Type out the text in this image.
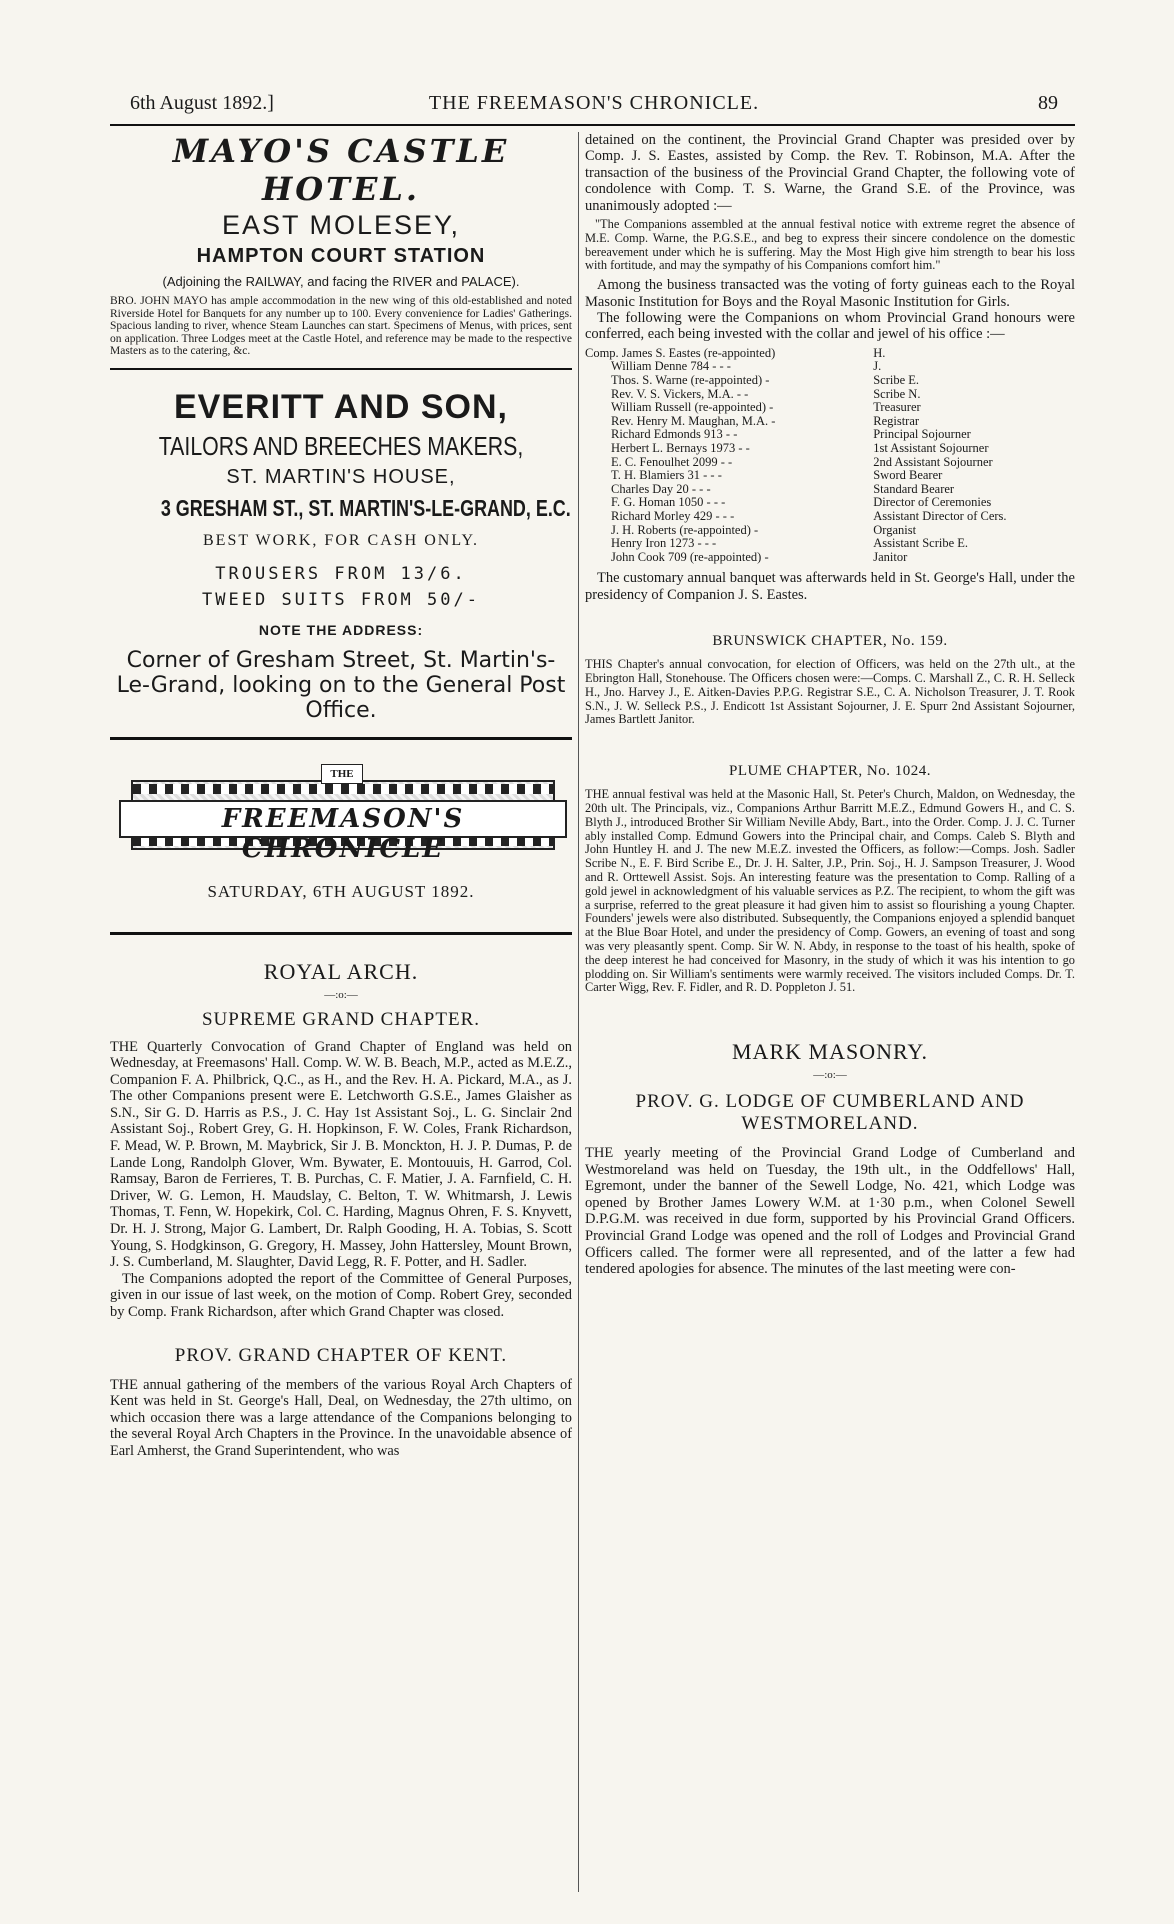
6th August 1892.]	THE FREEMASON'S CHRONICLE.	89

MAYO'S CASTLE HOTEL.

EAST MOLESEY,

HAMPTON COURT STATION

(Adjoining the RAILWAY, and facing the RIVER and PALACE).

BRO. JOHN MAYO has ample accommodation in the new wing of this old-established and noted Riverside Hotel for Banquets for any number up to 100. Every convenience for Ladies' Gatherings. Spacious landing to river, whence Steam Launches can start. Specimens of Menus, with prices, sent on application. Three Lodges meet at the Castle Hotel, and reference may be made to the respective Masters as to the catering, &c.

EVERITT AND SON,

TAILORS AND BREECHES MAKERS,

ST. MARTIN'S HOUSE,

3 GRESHAM ST., ST. MARTIN'S-LE-GRAND, E.C.

BEST WORK, FOR CASH ONLY.

TROUSERS FROM 13/6.

TWEED SUITS FROM 50/-

NOTE THE ADDRESS:

Corner of Gresham Street, St. Martin's-Le-Grand, looking on to the General Post Office.

FREEMASON'S CHRONICLE
THE

SATURDAY, 6TH AUGUST 1892.

ROYAL ARCH.

—:o:—

SUPREME GRAND CHAPTER.

THE Quarterly Convocation of Grand Chapter of England was held on Wednesday, at Freemasons' Hall. Comp. W. W. B. Beach, M.P., acted as M.E.Z., Companion F. A. Philbrick, Q.C., as H., and the Rev. H. A. Pickard, M.A., as J. The other Companions present were E. Letchworth G.S.E., James Glaisher as S.N., Sir G. D. Harris as P.S., J. C. Hay 1st Assistant Soj., L. G. Sinclair 2nd Assistant Soj., Robert Grey, G. H. Hopkinson, F. W. Coles, Frank Richardson, F. Mead, W. P. Brown, M. Maybrick, Sir J. B. Monckton, H. J. P. Dumas, P. de Lande Long, Randolph Glover, Wm. Bywater, E. Montouuis, H. Garrod, Col. Ramsay, Baron de Ferrieres, T. B. Purchas, C. F. Matier, J. A. Farnfield, C. H. Driver, W. G. Lemon, H. Maudslay, C. Belton, T. W. Whitmarsh, J. Lewis Thomas, T. Fenn, W. Hopekirk, Col. C. Harding, Magnus Ohren, F. S. Knyvett, Dr. H. J. Strong, Major G. Lambert, Dr. Ralph Gooding, H. A. Tobias, S. Scott Young, S. Hodgkinson, G. Gregory, H. Massey, John Hattersley, Mount Brown, J. S. Cumberland, M. Slaughter, David Legg, R. F. Potter, and H. Sadler.

The Companions adopted the report of the Committee of General Purposes, given in our issue of last week, on the motion of Comp. Robert Grey, seconded by Comp. Frank Richardson, after which Grand Chapter was closed.

PROV. GRAND CHAPTER OF KENT.

THE annual gathering of the members of the various Royal Arch Chapters of Kent was held in St. George's Hall, Deal, on Wednesday, the 27th ultimo, on which occasion there was a large attendance of the Companions belonging to the several Royal Arch Chapters in the Province. In the unavoidable absence of Earl Amherst, the Grand Superintendent, who was

detained on the continent, the Provincial Grand Chapter was presided over by Comp. J. S. Eastes, assisted by Comp. the Rev. T. Robinson, M.A. After the transaction of the business of the Provincial Grand Chapter, the following vote of condolence with Comp. T. S. Warne, the Grand S.E. of the Province, was unanimously adopted :—

"The Companions assembled at the annual festival notice with extreme regret the absence of M.E. Comp. Warne, the P.G.S.E., and beg to express their sincere condolence on the domestic bereavement under which he is suffering. May the Most High give him strength to bear his loss with fortitude, and may the sympathy of his Companions comfort him."

Among the business transacted was the voting of forty guineas each to the Royal Masonic Institution for Boys and the Royal Masonic Institution for Girls.

The following were the Companions on whom Provincial Grand honours were conferred, each being invested with the collar and jewel of his office :—

Comp. James S. Eastes (re-appointed)	H.
William Denne 784 - - -	J.
Thos. S. Warne (re-appointed) -	Scribe E.
Rev. V. S. Vickers, M.A. - -	Scribe N.
William Russell (re-appointed) -	Treasurer
Rev. Henry M. Maughan, M.A. -	Registrar
Richard Edmonds 913 - -	Principal Sojourner
Herbert L. Bernays 1973 - -	1st Assistant Sojourner
E. C. Fenoulhet 2099 - -	2nd Assistant Sojourner
T. H. Blamiers 31 - - -	Sword Bearer
Charles Day 20 - - -	Standard Bearer
F. G. Homan 1050 - - -	Director of Ceremonies
Richard Morley 429 - - -	Assistant Director of Cers.
J. H. Roberts (re-appointed) -	Organist
Henry Iron 1273 - - -	Assistant Scribe E.
John Cook 709 (re-appointed) -	Janitor

The customary annual banquet was afterwards held in St. George's Hall, under the presidency of Companion J. S. Eastes.

BRUNSWICK CHAPTER, No. 159.

THIS Chapter's annual convocation, for election of Officers, was held on the 27th ult., at the Ebrington Hall, Stonehouse. The Officers chosen were:—Comps. C. Marshall Z., C. R. H. Selleck H., Jno. Harvey J., E. Aitken-Davies P.P.G. Registrar S.E., C. A. Nicholson Treasurer, J. T. Rook S.N., J. W. Selleck P.S., J. Endicott 1st Assistant Sojourner, J. E. Spurr 2nd Assistant Sojourner, James Bartlett Janitor.

PLUME CHAPTER, No. 1024.

THE annual festival was held at the Masonic Hall, St. Peter's Church, Maldon, on Wednesday, the 20th ult. The Principals, viz., Companions Arthur Barritt M.E.Z., Edmund Gowers H., and C. S. Blyth J., introduced Brother Sir William Neville Abdy, Bart., into the Order. Comp. J. J. C. Turner ably installed Comp. Edmund Gowers into the Principal chair, and Comps. Caleb S. Blyth and John Huntley H. and J. The new M.E.Z. invested the Officers, as follow:—Comps. Josh. Sadler Scribe N., E. F. Bird Scribe E., Dr. J. H. Salter, J.P., Prin. Soj., H. J. Sampson Treasurer, J. Wood and R. Orttewell Assist. Sojs. An interesting feature was the presentation to Comp. Ralling of a gold jewel in acknowledgment of his valuable services as P.Z. The recipient, to whom the gift was a surprise, referred to the great pleasure it had given him to assist so flourishing a young Chapter. Founders' jewels were also distributed. Subsequently, the Companions enjoyed a splendid banquet at the Blue Boar Hotel, and under the presidency of Comp. Gowers, an evening of toast and song was very pleasantly spent. Comp. Sir W. N. Abdy, in response to the toast of his health, spoke of the deep interest he had conceived for Masonry, in the study of which it was his intention to go plodding on. Sir William's sentiments were warmly received. The visitors included Comps. Dr. T. Carter Wigg, Rev. F. Fidler, and R. D. Poppleton J. 51.

MARK MASONRY.

—:o:—

PROV. G. LODGE OF CUMBERLAND AND WESTMORELAND.

THE yearly meeting of the Provincial Grand Lodge of Cumberland and Westmoreland was held on Tuesday, the 19th ult., in the Oddfellows' Hall, Egremont, under the banner of the Sewell Lodge, No. 421, which Lodge was opened by Brother James Lowery W.M. at 1·30 p.m., when Colonel Sewell D.P.G.M. was received in due form, supported by his Provincial Grand Officers. Provincial Grand Lodge was opened and the roll of Lodges and Provincial Grand Officers called. The former were all represented, and of the latter a few had tendered apologies for absence. The minutes of the last meeting were con-
